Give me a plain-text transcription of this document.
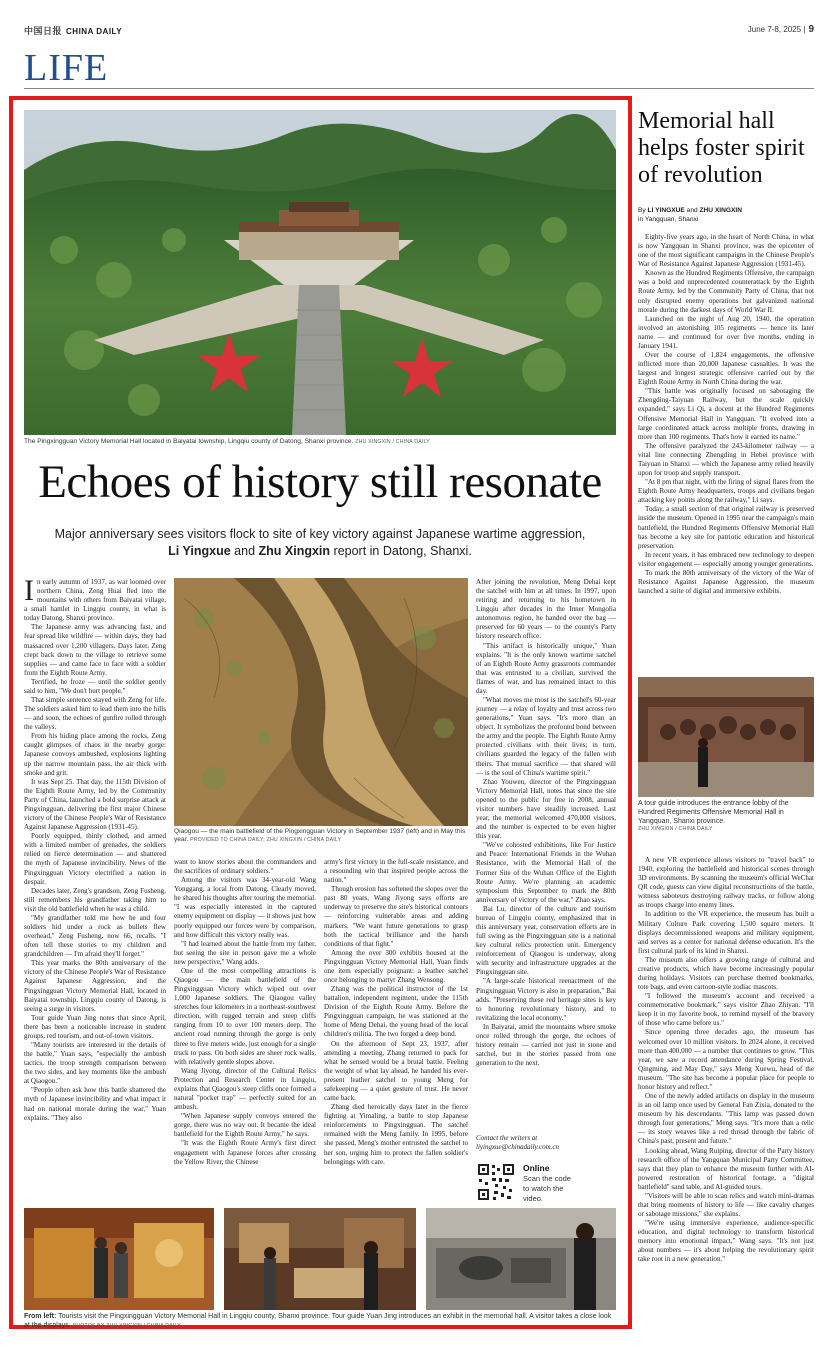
中国日报 CHINA DAILY	June 7-8, 2025 | 9
LIFE
The Pingxingguan Victory Memorial Hall located in Baiyatai township, Lingqiu county of Datong, Shanxi province. ZHU XINGXIN / CHINA DAILY
Echoes of history still resonate
Major anniversary sees visitors flock to site of key victory against Japanese wartime aggression, Li Yingxue and Zhu Xingxin report in Datong, Shanxi.

In early autumn of 1937, as war loomed over northern China, Zeng Huai fled into the mountains with others from Baiyatai village, a small hamlet in Lingqiu county, in what is today Datong, Shanxi province.

The Japanese army was advancing fast, and fear spread like wildfire — within days, they had massacred over 1,200 villagers. Days later, Zeng crept back down to the village to retrieve some supplies — and came face to face with a soldier from the Eighth Route Army.

Terrified, he froze — until the soldier gently said to him, "We don't hurt people."

That simple sentence stayed with Zeng for life. The soldiers asked him to lead them into the hills — and soon, the echoes of gunfire rolled through the valleys.

From his hiding place among the rocks, Zeng caught glimpses of chaos in the nearby gorge: Japanese convoys ambushed, explosions lighting up the narrow mountain pass, the air thick with smoke and grit.

It was Sept 25. That day, the 115th Division of the Eighth Route Army, led by the Community Party of China, launched a bold surprise attack at Pingxingguan, delivering the first major Chinese victory of the Chinese People's War of Resistance Against Japanese Aggression (1931-45).

Poorly equipped, thinly clothed, and armed with a limited number of grenades, the soldiers relied on fierce determination — and shattered the myth of Japanese invincibility. News of the Pingxingguan Victory electrified a nation in despair.

Decades later, Zeng's grandson, Zeng Fusheng, still remembers his grandfather taking him to visit the old battlefield when he was a child.

"My grandfather told me how he and four soldiers hid under a rock as bullets flew overhead," Zeng Fusheng, now 66, recalls. "I often tell these stories to my children and grandchildren — I'm afraid they'll forget."

This year marks the 80th anniversary of the victory of the Chinese People's War of Resistance Against Japanese Aggression, and the Pingxingguan Victory Memorial Hall, located in Baiyatai township, Lingqiu county of Datong, is seeing a surge in visitors.

Tour guide Yuan Jing notes that since April, there has been a noticeable increase in student groups, red tourism, and out-of-town visitors.

"Many tourists are interested in the details of the battle," Yuan says, "especially the ambush tactics, the troop strength comparison between the two sides, and key moments like the ambush at Qiaogou."

"People often ask how this battle shattered the myth of Japanese invincibility and what impact it had on national morale during the war," Yuan explains. "They also

Qiaogou — the main battlefield of the Pingxingguan Victory in September 1937 (left) and in May this year. PROVIDED TO CHINA DAILY; ZHU XINGXIN / CHINA DAILY

want to know stories about the commanders and the sacrifices of ordinary soldiers."

Among the visitors was 34-year-old Wang Yonggang, a local from Datong. Clearly moved, he shared his thoughts after touring the memorial. "I was especially interested in the captured enemy equipment on display — it shows just how poorly equipped our forces were by comparison, and how difficult this victory really was.

"I had learned about the battle from my father, but seeing the site in person gave me a whole new perspective," Wang adds.

One of the most compelling attractions is Qiaogou — the main battlefield of the Pingxingguan Victory which wiped out over 1,000 Japanese soldiers. The Qiaogou valley stretches four kilometers in a northeast-southwest direction, with rugged terrain and steep cliffs ranging from 10 to over 100 meters deep. The ancient road running through the gorge is only three to five meters wide, just enough for a single truck to pass. On both sides are sheer rock walls, with relatively gentle slopes above.

Wang Jiyong, director of the Cultural Relics Protection and Research Center in Lingqiu, explains that Qiaogou's steep cliffs once formed a natural "pocket trap" — perfectly suited for an ambush.

"When Japanese supply convoys entered the gorge, there was no way out. It became the ideal battlefield for the Eighth Route Army," he says.

"It was the Eighth Route Army's first direct engagement with Japanese forces after crossing the Yellow River, the Chinese

army's first victory in the full-scale resistance, and a resounding win that inspired people across the nation."

Though erosion has softened the slopes over the past 80 years, Wang Jiyong says efforts are underway to preserve the site's historical contours — reinforcing vulnerable areas and adding markers. "We want future generations to grasp both the tactical brilliance and the harsh conditions of that fight."

Among the over 300 exhibits housed at the Pingxingguan Victory Memorial Hall, Yuan finds one item especially poignant: a leather satchel once belonging to martyr Zhang Wensong.

Zhang was the political instructor of the 1st battalion, independent regiment, under the 115th Division of the Eighth Route Army. Before the Pingxingguan campaign, he was stationed at the home of Meng Dehai, the young head of the local children's militia. The two forged a deep bond.

On the afternoon of Sept 23, 1937, after attending a meeting, Zhang returned to pack for what he sensed would be a brutal battle. Feeling the weight of what lay ahead, he handed his ever-present leather satchel to young Meng for safekeeping — a quiet gesture of trust. He never came back.

Zhang died heroically days later in the fierce fighting at Yimaling, a battle to stop Japanese reinforcements to Pingxingguan. The satchel remained with the Meng family. In 1995, before she passed, Meng's mother entrusted the satchel to her son, urging him to protect the fallen soldier's belongings with care.

After joining the revolution, Meng Dehai kept the satchel with him at all times. In 1997, upon retiring and returning to his hometown in Lingqiu after decades in the Inner Mongolia autonomous region, he handed over the bag — preserved for 60 years — to the county's Party history research office.

"This artifact is historically unique," Yuan explains. "It is the only known wartime satchel of an Eighth Route Army grassroots commander that was entrusted to a civilian, survived the flames of war, and has remained intact to this day.

"What moves me most is the satchel's 60-year journey — a relay of loyalty and trust across two generations," Yuan says. "It's more than an object. It symbolizes the profound bond between the army and the people. The Eighth Route Army protected civilians with their lives; in turn, civilians guarded the legacy of the fallen with theirs. That mutual sacrifice — that shared will — is the soul of China's wartime spirit."

Zhao Youwen, director of the Pingxingguan Victory Memorial Hall, notes that since the site opened to the public for free in 2008, annual visitor numbers have steadily increased. Last year, the memorial welcomed 470,000 visitors, and the number is expected to be even higher this year.

"We've cohosted exhibitions, like For Justice and Peace: International Friends in the Wuhan Resistance, with the Memorial Hall of the Former Site of the Wuhan Office of the Eighth Route Army. We're planning an academic symposium this September to mark the 80th anniversary of victory of the war," Zhao says.

Bai Lu, director of the culture and tourism bureau of Lingqiu county, emphasized that in this anniversary year, conservation efforts are in full swing as the Pingxingguan site is a national key cultural relics protection unit. Emergency reinforcement of Qiaogou is underway, along with security and infrastructure upgrades at the Pingxingguan site.

"A large-scale historical reenactment of the Pingxingguan Victory is also in preparation," Bai adds. "Preserving these red heritage sites is key to honoring revolutionary history, and to revitalizing the local economy."

In Baiyatai, amid the mountains where smoke once rolled through the gorge, the echoes of history remain — carried not just in stone and satchel, but in the stories passed from one generation to the next.

Contact the writers at
liyingxue@chinadaily.com.cn
Online
Scan the code
to watch the
video.
From left: Tourists visit the Pingxingguan Victory Memorial Hall in Lingqiu county, Shanxi province. Tour guide Yuan Jing introduces an exhibit in the memorial hall. A visitor takes a close look at the displays. PHOTOS BY ZHU XINGXIN / CHINA DAILY
Memorial hall helps foster spirit of revolution
By LI YINGXUE and ZHU XINGXIN
in Yangquan, Shanxi

Eighty-five years ago, in the heart of North China, in what is now Yangquan in Shanxi province, was the epicenter of one of the most significant campaigns in the Chinese People's War of Resistance Against Japanese Aggression (1931-45).

Known as the Hundred Regiments Offensive, the campaign was a bold and unprecedented counterattack by the Eighth Route Army, led by the Community Party of China, that not only disrupted enemy operations but galvanized national morale during the darkest days of World War II.

Launched on the night of Aug 20, 1940, the operation involved an astonishing 105 regiments — hence its later name — and continued for over five months, ending in January 1941.

Over the course of 1,824 engagements, the offensive inflicted more than 20,000 Japanese casualties. It was the largest and longest strategic offensive carried out by the Eighth Route Army in North China during the war.

"This battle was originally focused on sabotaging the Zhengding-Taiyuan Railway, but the scale quickly expanded," says Li Qi, a docent at the Hundred Regiments Offensive Memorial Hall in Yangquan. "It evolved into a large coordinated attack across multiple fronts, drawing in more than 100 regiments. That's how it earned its name."

The offensive paralyzed the 243-kilometer railway — a vital line connecting Zhengding in Hebei province with Taiyuan in Shanxi — which the Japanese army relied heavily upon for troop and supply transport.

"At 8 pm that night, with the firing of signal flares from the Eighth Route Army headquarters, troops and civilians began attacking key points along the railway," Li says.

Today, a small section of that original railway is preserved inside the museum. Opened in 1995 near the campaign's main battlefield, the Hundred Regiments Offensive Memorial Hall has become a key site for patriotic education and historical preservation.

In recent years, it has embraced new technology to deepen visitor engagement — especially among younger generations.

To mark the 80th anniversary of the victory of the War of Resistance Against Japanese Aggression, the museum launched a suite of digital and immersive exhibits.

A tour guide introduces the entrance lobby of the Hundred Regiments Offensive Memorial Hall in Yangquan, Shanxi province.
ZHU XINGXIN / CHINA DAILY

A new VR experience allows visitors to "travel back" to 1940, exploring the battlefield and historical scenes through 3D environments. By scanning the museum's official WeChat QR code, guests can view digital reconstructions of the battle, witness saboteurs destroying railway tracks, or follow along as troops charge into enemy lines.

In addition to the VR experience, the museum has built a Military Culture Park covering 1,500 square meters. It displays decommissioned weapons and military equipment, and serves as a center for national defense education. It's the first cultural park of its kind in Shanxi.

The museum also offers a growing range of cultural and creative products, which have become increasingly popular during holidays. Visitors can purchase themed bookmarks, tote bags, and even cartoon-style zodiac mascots.

"I followed the museum's account and received a commemorative bookmark," says visitor Zhao Zhiyan. "I'll keep it in my favorite book, to remind myself of the bravery of those who came before us."

Since opening three decades ago, the museum has welcomed over 10 million visitors. In 2024 alone, it received more than 400,000 — a number that continues to grow. "This year, we saw a record attendance during Spring Festival, Qingming, and May Day," says Meng Xuewu, head of the museum. "The site has become a popular place for people to honor history and reflect."

One of the newly added artifacts on display in the museum is an oil lamp once used by General Fan Zixia, donated to the museum by his descendants. "This lamp was passed down through four generations," Meng says. "It's more than a relic — its story weaves like a red thread through the fabric of China's past, present and future."

Looking ahead, Wang Ruiping, director of the Party history research office of the Yangquan Municipal Party Committee, says that they plan to enhance the museum further with AI-powered restoration of historical footage, a "digital battlefield" sand table, and AI-guided tours.

"Visitors will be able to scan relics and watch mini-dramas that bring moments of history to life — like cavalry charges or sabotage missions," she explains.

"We're using immersive experience, audience-specific education, and digital technology to transform historical memory into emotional impact," Wang says. "It's not just about numbers — it's about helping the revolutionary spirit take root in a new generation."
